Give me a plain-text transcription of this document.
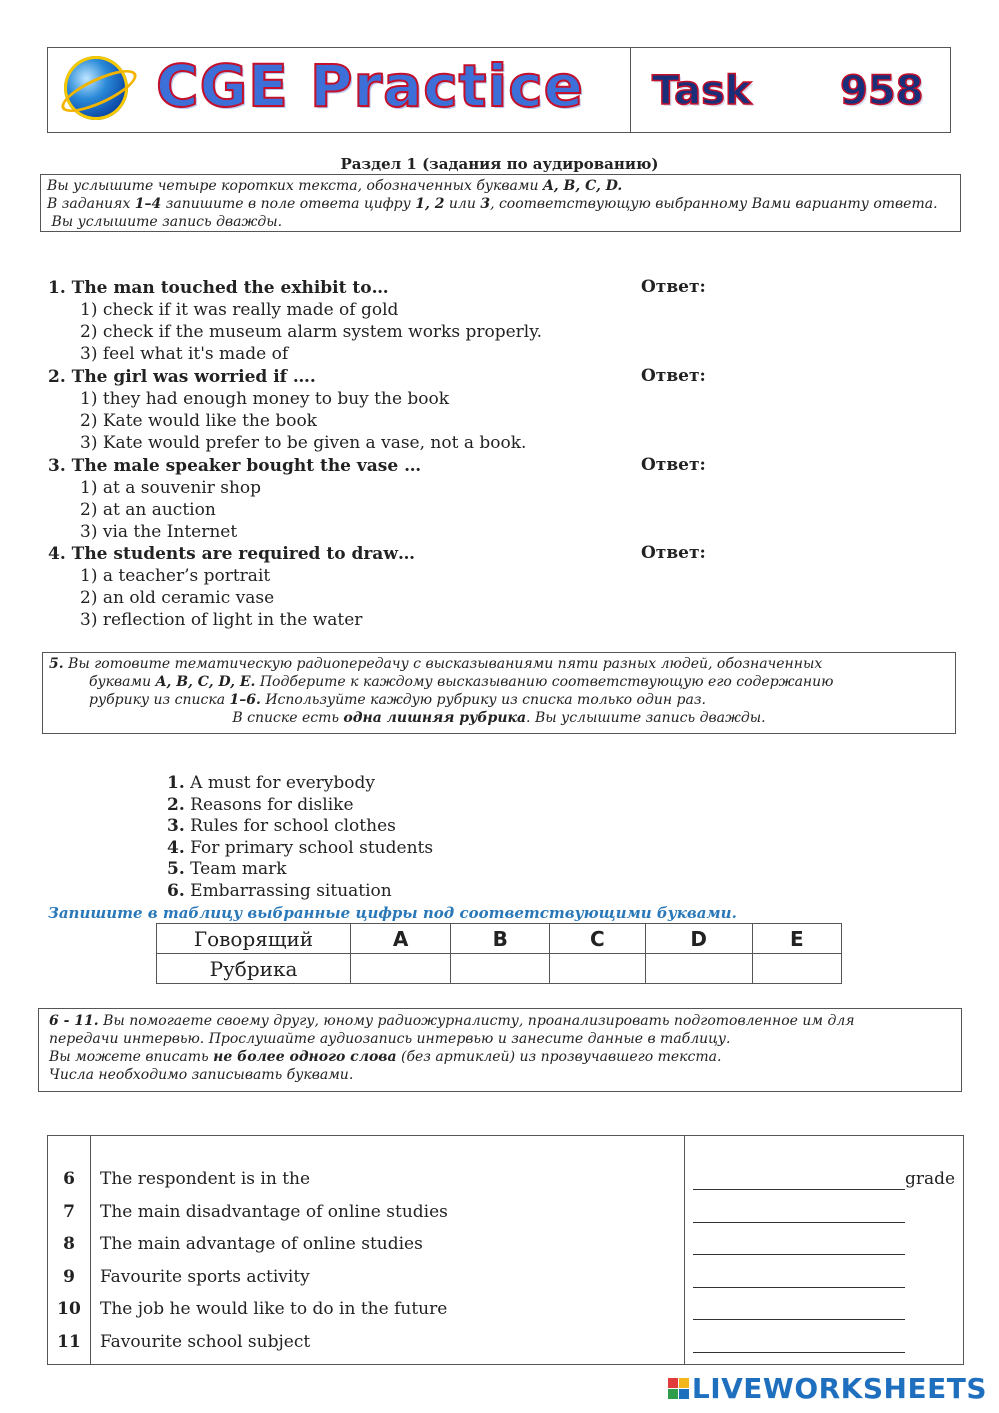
CGE Practice Task 958
Раздел 1 (задания по аудированию)
Вы услышите четыре коротких текста, обозначенных буквами A, B, C, D.
В заданиях 1–4 запишите в поле ответа цифру 1, 2 или 3, соответствующую выбранному Вами варианту ответа.
Вы услышите запись дважды.
1. The man touched the exhibit to…
1) check if it was really made of gold
2) check if the museum alarm system works properly.
3) feel what it's made of
Ответ:
2. The girl was worried if ….
1) they had enough money to buy the book
2) Kate would like the book
3) Kate would prefer to be given a vase, not a book.
Ответ:
3. The male speaker bought the vase …
1) at a souvenir shop
2) at an auction
3) via the Internet
Ответ:
4. The students are required to draw…
1) a teacher’s portrait
2) an old ceramic vase
3) reflection of light in the water
Ответ:
5. Вы готовите тематическую радиопередачу с высказываниями пяти разных людей, обозначенных
буквами A, B, C, D, E. Подберите к каждому высказыванию соответствующую его содержанию
рубрику из списка 1–6. Используйте каждую рубрику из списка только один раз.
В списке есть одна лишняя рубрика. Вы услышите запись дважды.
1. A must for everybody
2. Reasons for dislike
3. Rules for school clothes
4. For primary school students
5. Team mark
6. Embarrassing situation
Запишите в таблицу выбранные цифры под соответствующими буквами.
Говорящий	A	B	C	D	E
Рубрика					
6 - 11. Вы помогаете своему другу, юному радиожурналисту, проанализировать подготовленное им для
передачи интервью. Прослушайте аудиозапись интервью и занесите данные в таблицу.
Вы можете вписать не более одного слова (без артиклей) из прозвучавшего текста.
Числа необходимо записывать буквами.
6	The respondent is in the	grade
7	The main disadvantage of online studies
8	The main advantage of online studies
9	Favourite sports activity
10	The job he would like to do in the future
11	Favourite school subject
LIVEWORKSHEETS
